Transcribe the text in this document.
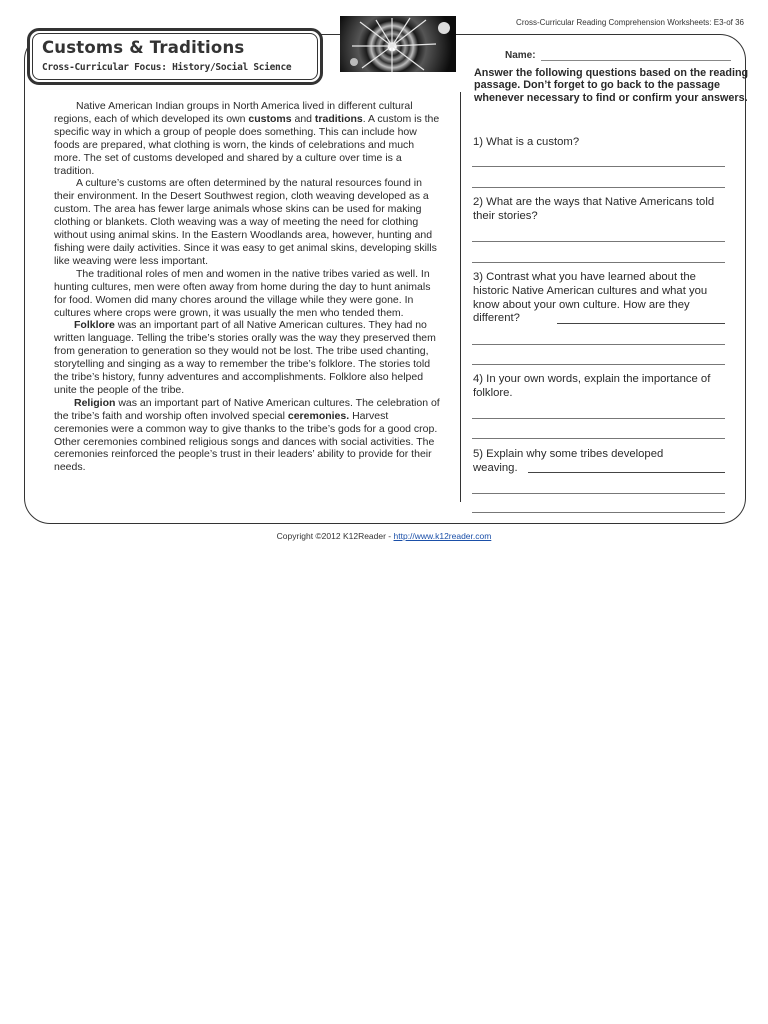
Cross-Curricular Reading Comprehension Worksheets: E3-of 36
Customs & Traditions
Cross-Curricular Focus: History/Social Science

Native American Indian groups in North America lived in different cultural regions, each of which developed its own customs and traditions. A custom is the specific way in which a group of people does something. This can include how foods are prepared, what clothing is worn, the kinds of celebrations and much more. The set of customs developed and shared by a culture over time is a tradition.

A culture’s customs are often determined by the natural resources found in their environment. In the Desert Southwest region, cloth weaving developed as a custom. The area has fewer large animals whose skins can be used for making clothing or blankets. Cloth weaving was a way of meeting the need for clothing without using animal skins. In the Eastern Woodlands area, however, hunting and fishing were daily activities. Since it was easy to get animal skins, developing skills like weaving were less important.

The traditional roles of men and women in the native tribes varied as well. In hunting cultures, men were often away from home during the day to hunt animals for food. Women did many chores around the village while they were gone. In cultures where crops were grown, it was usually the men who tended them.

Folklore was an important part of all Native American cultures. They had no written language. Telling the tribe’s stories orally was the way they preserved them from generation to generation so they would not be lost. The tribe used chanting, storytelling and singing as a way to remember the tribe’s folklore. The stories told the tribe’s history, funny adventures and accomplishments. Folklore also helped unite the people of the tribe.

Religion was an important part of Native American cultures. The celebration of the tribe’s faith and worship often involved special ceremonies. Harvest ceremonies were a common way to give thanks to the tribe’s gods for a good crop. Other ceremonies combined religious songs and dances with social activities. The ceremonies reinforced the people’s trust in their leaders’ ability to provide for their needs.

Name:
Answer the following questions based on the reading passage. Don’t forget to go back to the passage whenever necessary to find or confirm your answers.
1) What is a custom?
2) What are the ways that Native Americans told their stories?
3) Contrast what you have learned about the historic Native American cultures and what you know about your own culture. How are they different?
4) In your own words, explain the importance of folklore.
5) Explain why some tribes developed weaving.
Copyright ©2012 K12Reader - http://www.k12reader.com
